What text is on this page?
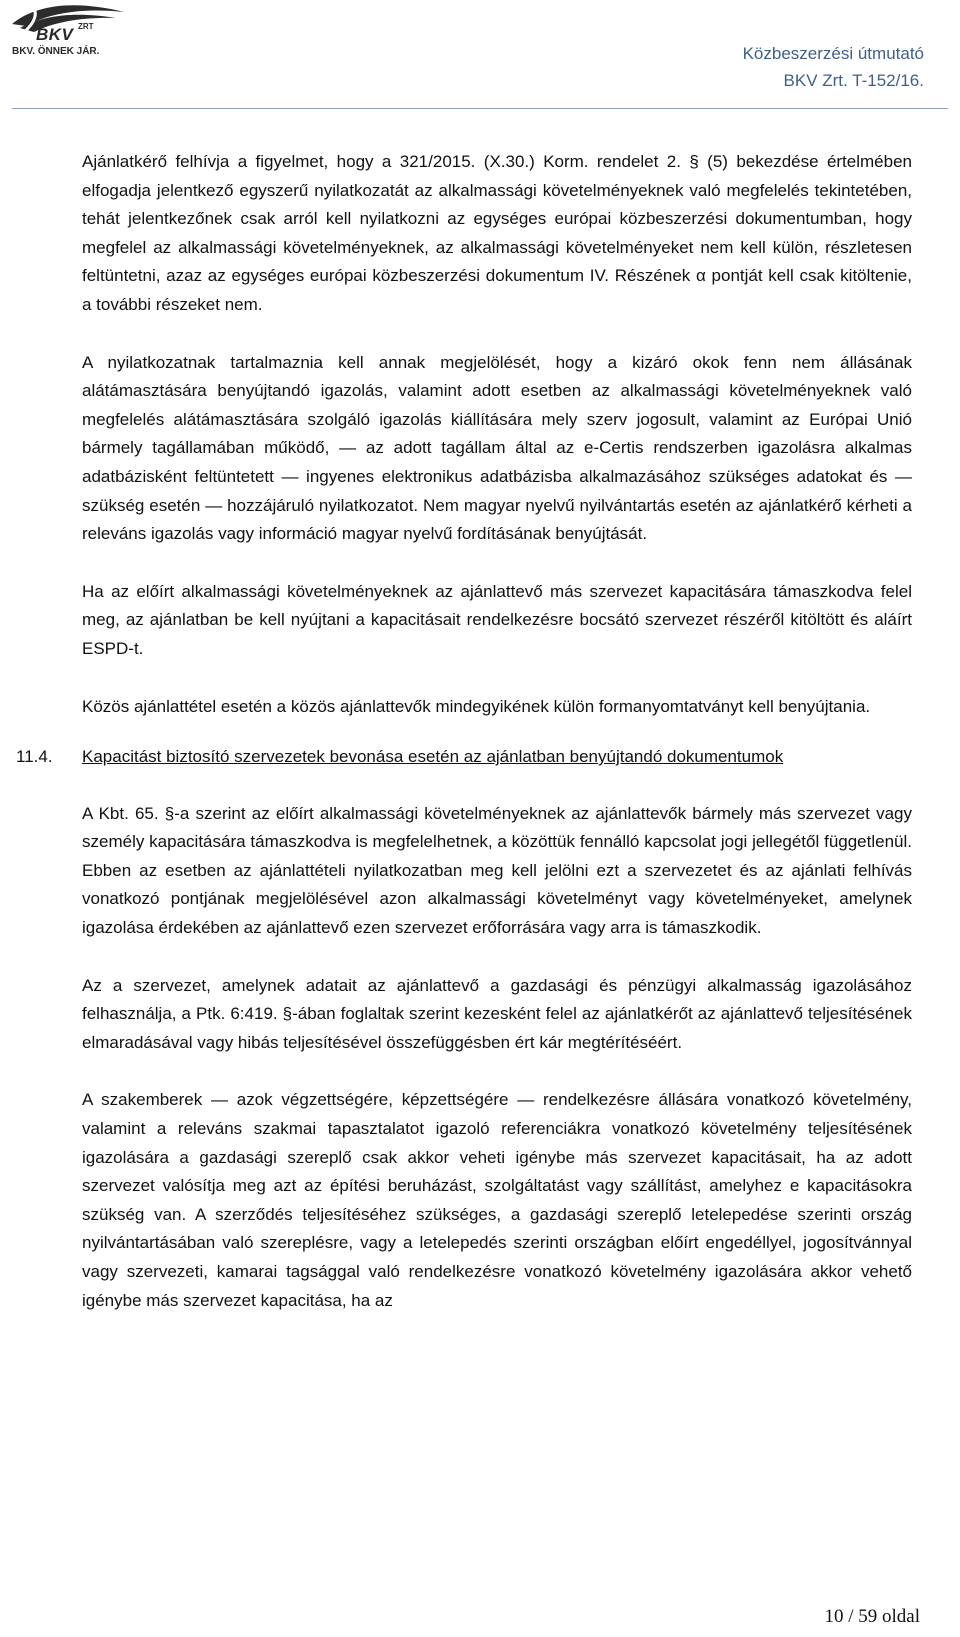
BKV ZRT
BKV. ÖNNEK JÁR.	Közbeszerzési útmutató
BKV Zrt. T-152/16.

Ajánlatkérő felhívja a figyelmet, hogy a 321/2015. (X.30.) Korm. rendelet 2. § (5) bekezdése értelmében elfogadja jelentkező egyszerű nyilatkozatát az alkalmassági követelményeknek való megfelelés tekintetében, tehát jelentkezőnek csak arról kell nyilatkozni az egységes európai közbeszerzési dokumentumban, hogy megfelel az alkalmassági követelményeknek, az alkalmassági követelményeket nem kell külön, részletesen feltüntetni, azaz az egységes európai közbeszerzési dokumentum IV. Részének α pontját kell csak kitöltenie, a további részeket nem.

A nyilatkozatnak tartalmaznia kell annak megjelölését, hogy a kizáró okok fenn nem állásának alátámasztására benyújtandó igazolás, valamint adott esetben az alkalmassági követelményeknek való megfelelés alátámasztására szolgáló igazolás kiállítására mely szerv jogosult, valamint az Európai Unió bármely tagállamában működő, — az adott tagállam által az e-Certis rendszerben igazolásra alkalmas adatbázisként feltüntetett — ingyenes elektronikus adatbázisba alkalmazásához szükséges adatokat és — szükség esetén — hozzájáruló nyilatkozatot. Nem magyar nyelvű nyilvántartás esetén az ajánlatkérő kérheti a releváns igazolás vagy információ magyar nyelvű fordításának benyújtását.

Ha az előírt alkalmassági követelményeknek az ajánlattevő más szervezet kapacitására támaszkodva felel meg, az ajánlatban be kell nyújtani a kapacitásait rendelkezésre bocsátó szervezet részéről kitöltött és aláírt ESPD-t.

Közös ajánlattétel esetén a közös ajánlattevők mindegyikének külön formanyomtatványt kell benyújtania.

11.4. Kapacitást biztosító szervezetek bevonása esetén az ajánlatban benyújtandó dokumentumok

A Kbt. 65. §-a szerint az előírt alkalmassági követelményeknek az ajánlattevők bármely más szervezet vagy személy kapacitására támaszkodva is megfelelhetnek, a közöttük fennálló kapcsolat jogi jellegétől függetlenül. Ebben az esetben az ajánlattételi nyilatkozatban meg kell jelölni ezt a szervezetet és az ajánlati felhívás vonatkozó pontjának megjelölésével azon alkalmassági követelményt vagy követelményeket, amelynek igazolása érdekében az ajánlattevő ezen szervezet erőforrására vagy arra is támaszkodik.

Az a szervezet, amelynek adatait az ajánlattevő a gazdasági és pénzügyi alkalmasság igazolásához felhasználja, a Ptk. 6:419. §-ában foglaltak szerint kezesként felel az ajánlatkérőt az ajánlattevő teljesítésének elmaradásával vagy hibás teljesítésével összefüggésben ért kár megtérítéséért.

A szakemberek — azok végzettségére, képzettségére — rendelkezésre állására vonatkozó követelmény, valamint a releváns szakmai tapasztalatot igazoló referenciákra vonatkozó követelmény teljesítésének igazolására a gazdasági szereplő csak akkor veheti igénybe más szervezet kapacitásait, ha az adott szervezet valósítja meg azt az építési beruházást, szolgáltatást vagy szállítást, amelyhez e kapacitásokra szükség van. A szerződés teljesítéséhez szükséges, a gazdasági szereplő letelepedése szerinti ország nyilvántartásában való szereplésre, vagy a letelepedés szerinti országban előírt engedéllyel, jogosítvánnyal vagy szervezeti, kamarai tagsággal való rendelkezésre vonatkozó követelmény igazolására akkor vehető igénybe más szervezet kapacitása, ha az

10 / 59 oldal
